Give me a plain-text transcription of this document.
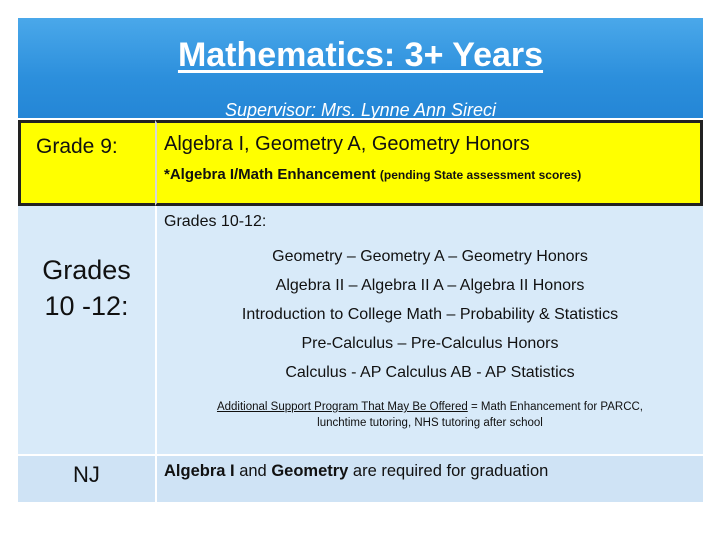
Mathematics: 3+ Years
Supervisor: Mrs. Lynne Ann Sireci
Grade 9: Algebra I, Geometry A, Geometry Honors
*Algebra I/Math Enhancement (pending State assessment scores)
Grades
10 -12:
Grades 10-12:
Geometry – Geometry A – Geometry Honors
Algebra II – Algebra II A – Algebra II Honors
Introduction to College Math – Probability & Statistics
Pre-Calculus – Pre-Calculus Honors
Calculus - AP Calculus AB - AP Statistics
Additional Support Program That May Be Offered = Math Enhancement for PARCC,
lunchtime tutoring, NHS tutoring after school
NJ	Algebra I and Geometry are required for graduation
